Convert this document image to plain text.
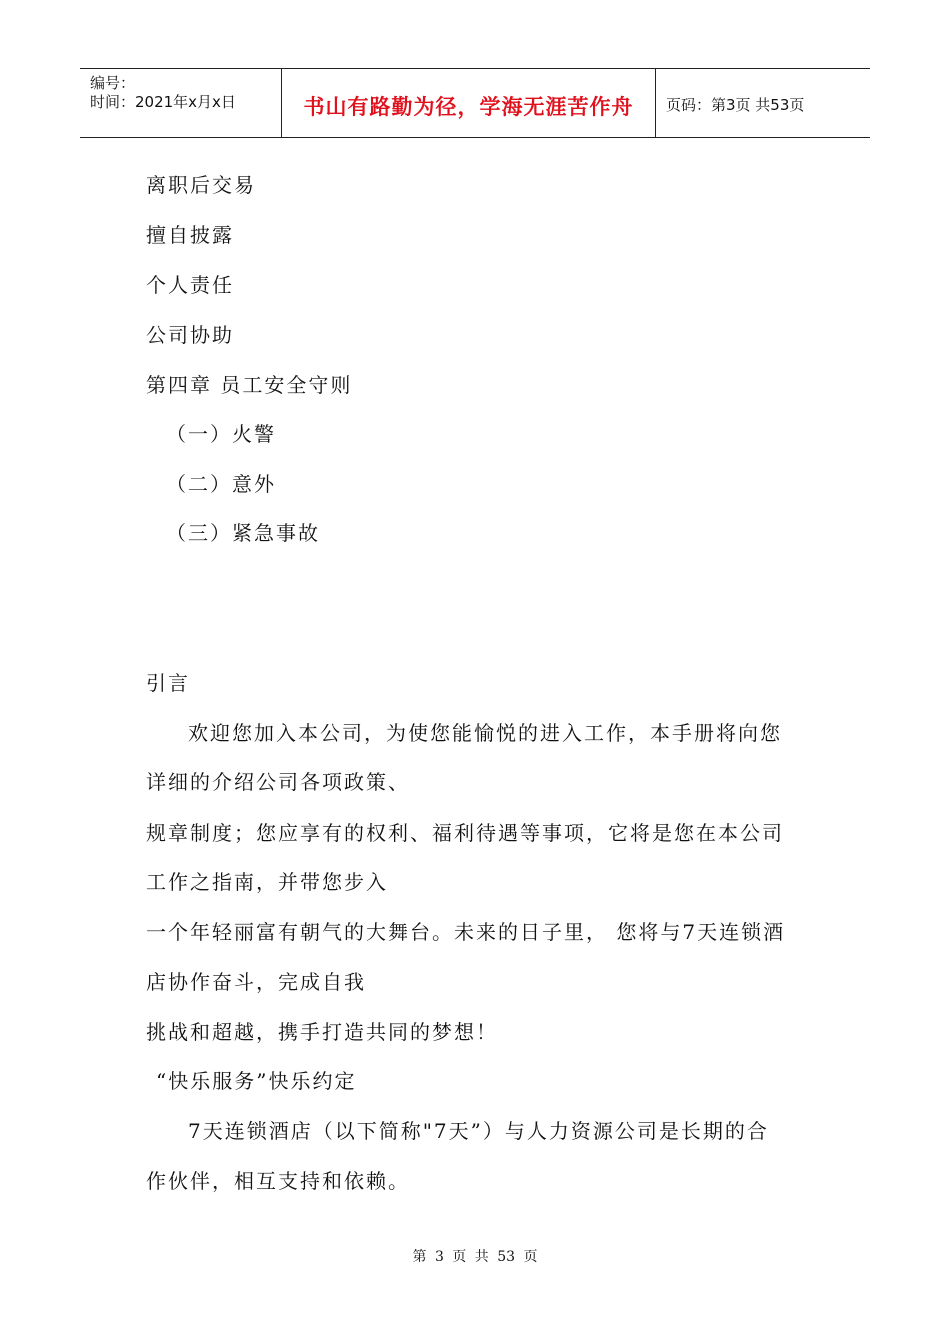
编号：
时间：2021年x月x日	书山有路勤为径，学海无涯苦作舟	页码：第3页 共53页
离职后交易
擅自披露
个人责任
公司协助
第四章 员工安全守则
（一）火警
（二）意外
（三）紧急事故
引言
欢迎您加入本公司，为使您能愉悦的进入工作，本手册将向您
详细的介绍公司各项政策、
规章制度；您应享有的权利、福利待遇等事项，它将是您在本公司
工作之指南，并带您步入
一个年轻丽富有朝气的大舞台。未来的日子里， 您将与7天连锁酒
店协作奋斗，完成自我
挑战和超越，携手打造共同的梦想！
“快乐服务”快乐约定
7天连锁酒店（以下简称"7天”）与人力资源公司是长期的合
作伙伴，相互支持和依赖。
第 3 页 共 53 页
